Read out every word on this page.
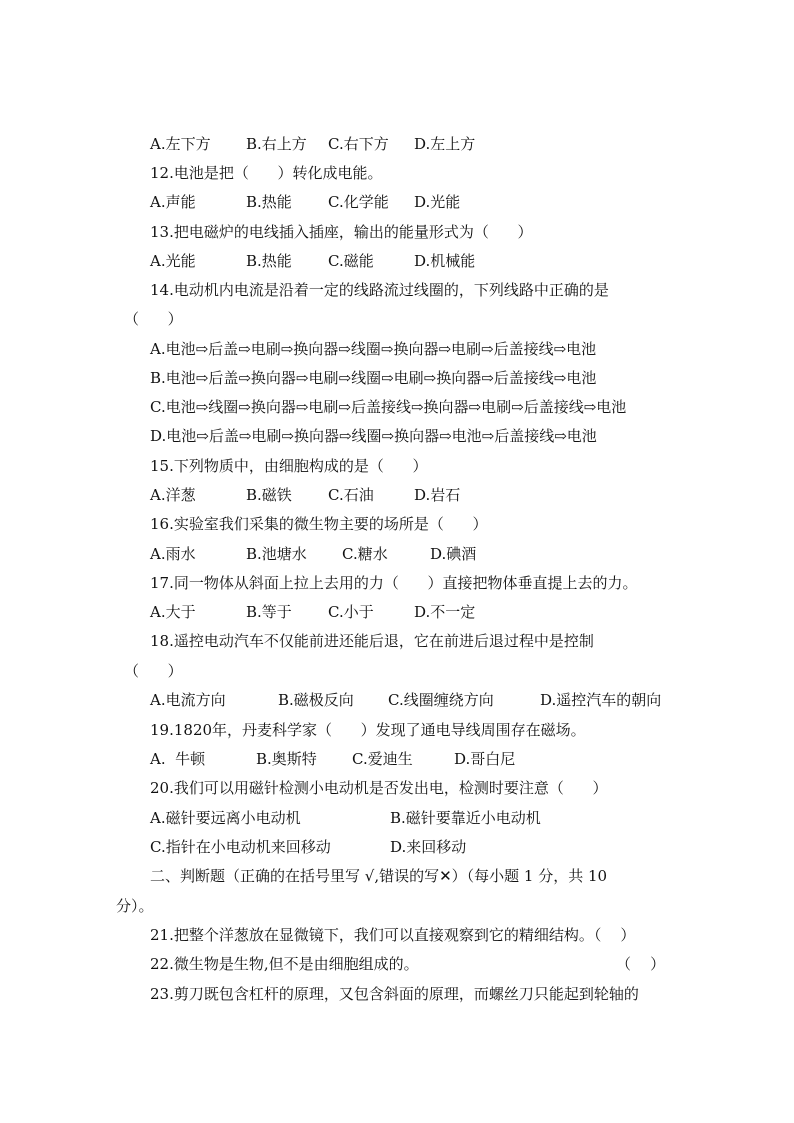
A.左下方 B.右上方 C.右下方 D.左上方
12.电池是把（      ）转化成电能。
A.声能	B.热能 C.化学能 D.光能
13.把电磁炉的电线插入插座，输出的能量形式为（      ）
A.光能	B.热能 C.磁能	D.机械能
14.电动机内电流是沿着一定的线路流过线圈的，下列线路中正确的是
（      ）
A.电池⇨后盖⇨电刷⇨换向器⇨线圈⇨换向器⇨电刷⇨后盖接线⇨电池
B.电池⇨后盖⇨换向器⇨电刷⇨线圈⇨电刷⇨换向器⇨后盖接线⇨电池
C.电池⇨线圈⇨换向器⇨电刷⇨后盖接线⇨换向器⇨电刷⇨后盖接线⇨电池
D.电池⇨后盖⇨电刷⇨换向器⇨线圈⇨换向器⇨电池⇨后盖接线⇨电池
15.下列物质中，由细胞构成的是（      ）
A.洋葱	B.磁铁 C.石油	D.岩石
16.实验室我们采集的微生物主要的场所是（      ）
A.雨水	B.池塘水 C.糖水	D.碘酒
17.同一物体从斜面上拉上去用的力（      ）直接把物体垂直提上去的力。
A.大于	B.等于 C.小于	D.不一定
18.遥控电动汽车不仅能前进还能后退，它在前进后退过程中是控制
（      ）
A.电流方向	B.磁极反向 C.线圈缠绕方向	D.遥控汽车的朝向
19.1820年，丹麦科学家（      ）发现了通电导线周围存在磁场。
A.  牛顿	B.奥斯特 C.爱迪生	D.哥白尼
20.我们可以用磁针检测小电动机是否发出电，检测时要注意（      ）
A.磁针要远离小电动机	B.磁针要靠近小电动机
C.指针在小电动机来回移动	D.来回移动
二、判断题（正确的在括号里写 √,错误的写✕）（每小题 1 分，共 10
分）。
21.把整个洋葱放在显微镜下，我们可以直接观察到它的精细结构。（    ）
22.微生物是生物,但不是由细胞组成的。	（    ）
23.剪刀既包含杠杆的原理，又包含斜面的原理，而螺丝刀只能起到轮轴的
